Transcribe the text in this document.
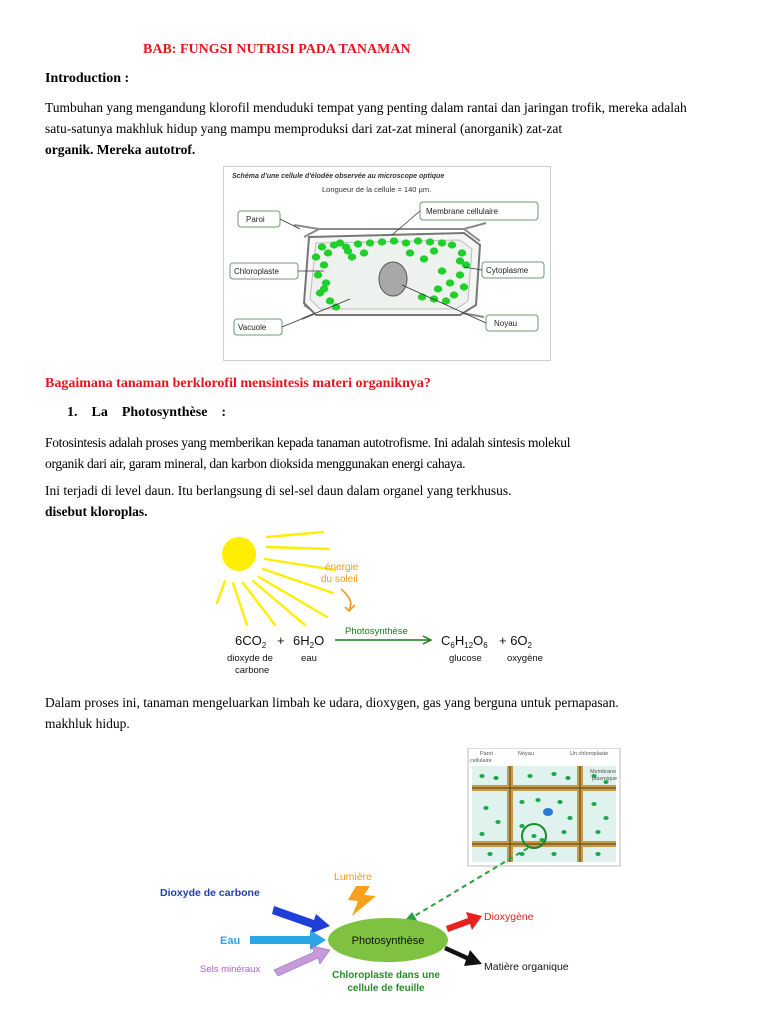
BAB: FUNGSI NUTRISI PADA TANAMAN
Introduction :
Tumbuhan yang mengandung klorofil menduduki tempat yang penting dalam rantai dan jaringan trofik, mereka adalah
satu-satunya makhluk hidup yang mampu memproduksi dari zat-zat mineral (anorganik) zat-zat
organik. Mereka autotrof.
Schéma d'une cellule d'élodée observée au microscope optique
Longueur de la cellule = 140 µm.
Paroi
Membrane cellulaire
Chloroplaste	Cytoplasme
Vacuole	Noyau
Bagaimana tanaman berklorofil mensintesis materi organiknya?
1. La Photosynthèse :
Fotosintesis adalah proses yang memberikan kepada tanaman autotrofisme. Ini adalah sintesis molekul
organik dari air, garam mineral, dan karbon dioksida menggunakan energi cahaya.
Ini terjadi di level daun. Itu berlangsung di sel-sel daun dalam organel yang terkhusus.
disebut kloroplas.
énergie
du soleil
$6CO_2 + 6H_2O$
Photosynthèse
$C_6H_{12}O_6 + 6O_2$
dioxyde de
carbone
eau	glucose	oxygène
Dalam proses ini, tanaman mengeluarkan limbah ke udara, dioxygen, gas yang berguna untuk pernapasan.
makhluk hidup.
Paroi
cellulaire
Noyau	Un chloroplaste
Membrane
plasmique
Photosynthèse
Lumière
Dioxyde de carbone
Eau
Sels minéraux
Dioxygène
Matière organique
Chloroplaste dans une
cellule de feuille
